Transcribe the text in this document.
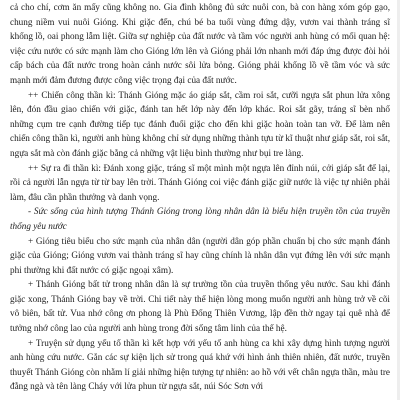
cả cho chí, cơm ăn mấy cũng không no. Gia đình không đủ sức nuôi con, bà con hàng xóm góp gạo, chung niềm vui nuôi Gióng. Khi giặc đến, chú bé ba tuổi vùng đứng dậy, vươn vai thành tráng sĩ khổng lồ, oai phong lẫm liệt. Giữa sự nghiệp của đất nước và tầm vóc người anh hùng có mối quan hệ: việc cứu nước có sức mạnh làm cho Gióng lớn lên và Gióng phải lớn nhanh mới đáp ứng được đòi hỏi cấp bách của đất nước trong hoàn cảnh nước sôi lửa bỏng. Gióng phải khổng lồ về tầm vóc và sức mạnh mới đảm đương được công việc trọng đại của đất nước.

++ Chiến công thần kì: Thánh Gióng mặc áo giáp sắt, cầm roi sắt, cưỡi ngựa sắt phun lửa xông lên, đón đầu giao chiến với giặc, đánh tan hết lớp này đến lớp khác. Roi sắt gãy, tráng sĩ bèn nhổ những cụm tre cạnh đường tiếp tục đánh đuổi giặc cho đến khi giặc hoàn toàn tan vỡ. Để làm nên chiến công thần kì, người anh hùng không chỉ sử dụng những thành tựu từ kĩ thuật như giáp sắt, roi sắt, ngựa sắt mà còn đánh giặc bằng cả những vật liệu bình thường như bụi tre làng.

++ Sự ra đi thần kì: Đánh xong giặc, tráng sĩ một mình một ngựa lên đỉnh núi, cởi giáp sắt để lại, rồi cả người lẫn ngựa từ từ bay lên trời. Thánh Gióng coi việc đánh giặc giữ nước là việc tự nhiên phải làm, đâu cần phần thưởng và danh vọng.

- Sức sống của hình tượng Thánh Gióng trong lòng nhân dân là biểu hiện truyền tồn của truyền thống yêu nước

+ Gióng tiêu biểu cho sức mạnh của nhân dân (người dân góp phần chuẩn bị cho sức mạnh đánh giặc của Gióng; Gióng vươn vai thành tráng sĩ hay cũng chính là nhân dân vụt đứng lên với sức mạnh phi thường khi đất nước có giặc ngoại xâm).

+ Thánh Gióng bất tử trong nhân dân là sự trường tồn của truyền thống yêu nước. Sau khi đánh giặc xong, Thánh Gióng bay về trời. Chi tiết này thể hiện lòng mong muốn người anh hùng trở về cõi vô biên, bất tử. Vua nhớ công ơn phong là Phù Đổng Thiên Vương, lập đền thờ ngay tại quê nhà để tưởng nhớ công lao của người anh hùng trong đời sống tâm linh của thế hệ.

+ Truyện sử dụng yếu tố thần kì kết hợp với yếu tố anh hùng ca khi xây dựng hình tượng người anh hùng cứu nước. Gắn các sự kiện lịch sử trong quá khứ với hình ảnh thiên nhiên, đất nước, truyền thuyết Thánh Gióng còn nhằm lí giải những hiện tượng tự nhiên: ao hồ với vết chân ngựa thần, màu tre đằng ngà và tên làng Cháy với lửa phun từ ngựa sắt, núi Sóc Sơn với
